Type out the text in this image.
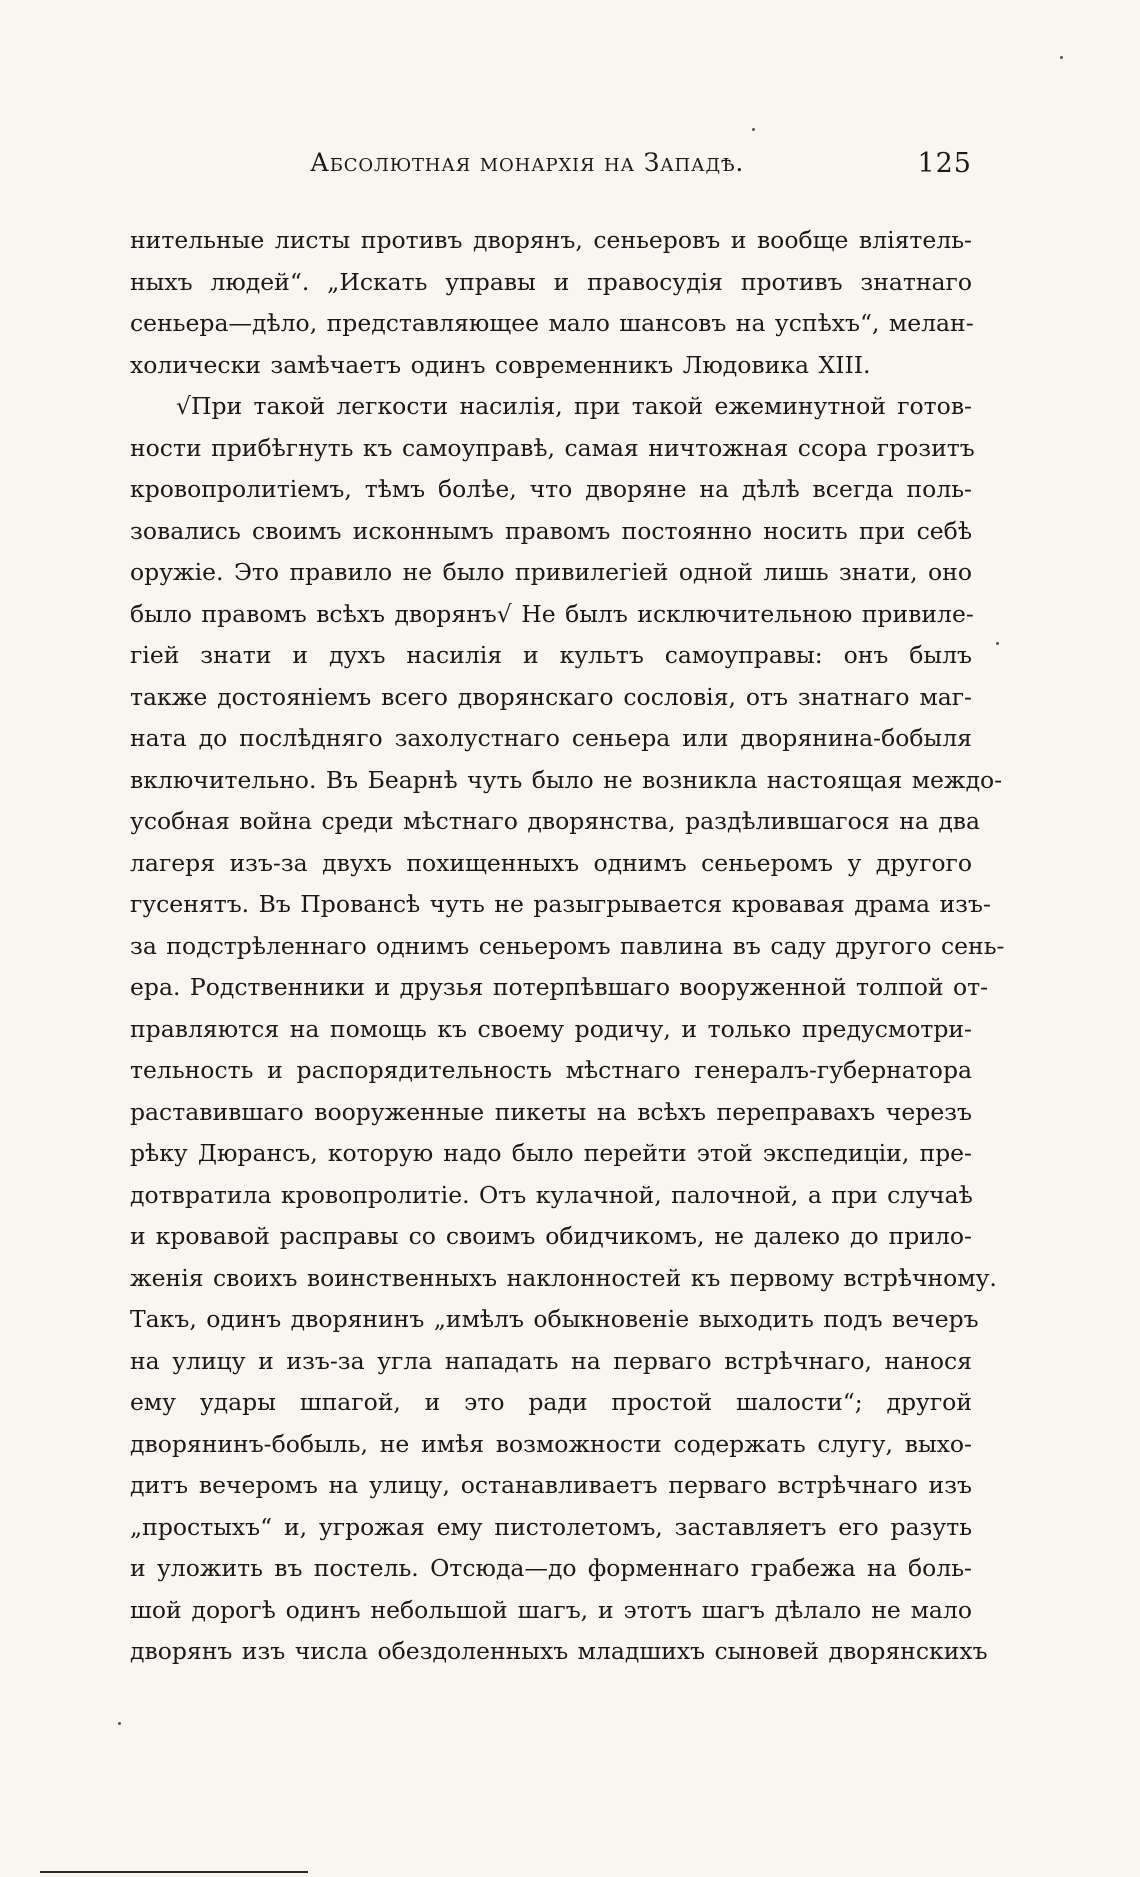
Абсолютная монархія на Западѣ.	125
нительные листы противъ дворянъ, сеньеровъ и вообще вліятель-
ныхъ людей“. „Искать управы и правосудія противъ знатнаго
сеньера—дѣло, представляющее мало шансовъ на успѣхъ“, мелан-
холически замѣчаетъ одинъ современникъ Людовика XIII.
√При такой легкости насилія, при такой ежеминутной готов-
ности прибѣгнуть къ самоуправѣ, самая ничтожная ссора грозитъ
кровопролитіемъ, тѣмъ болѣе, что дворяне на дѣлѣ всегда поль-
зовались своимъ исконнымъ правомъ постоянно носить при себѣ
оружіе. Это правило не было привилегіей одной лишь знати, оно
было правомъ всѣхъ дворянъ√ Не былъ исключительною привиле-
гіей знати и духъ насилія и культъ самоуправы: онъ былъ
также достояніемъ всего дворянскаго сословія, отъ знатнаго маг-
ната до послѣдняго захолустнаго сеньера или дворянина-бобыля
включительно. Въ Беарнѣ чуть было не возникла настоящая междо-
усобная война среди мѣстнаго дворянства, раздѣлившагося на два
лагеря изъ-за двухъ похищенныхъ однимъ сеньеромъ у другого
гусенятъ. Въ Провансѣ чуть не разыгрывается кровавая драма изъ-
за подстрѣленнаго однимъ сеньеромъ павлина въ саду другого сень-
ера. Родственники и друзья потерпѣвшаго вооруженной толпой от-
правляются на помощь къ своему родичу, и только предусмотри-
тельность и распорядительность мѣстнаго генералъ-губернатора
раставившаго вооруженные пикеты на всѣхъ переправахъ черезъ
рѣку Дюрансъ, которую надо было перейти этой экспедиціи, пре-
дотвратила кровопролитіе. Отъ кулачной, палочной, а при случаѣ
и кровавой расправы со своимъ обидчикомъ, не далеко до прило-
женія своихъ воинственныхъ наклонностей къ первому встрѣчному.
Такъ, одинъ дворянинъ „имѣлъ обыкновеніе выходить подъ вечеръ
на улицу и изъ-за угла нападать на перваго встрѣчнаго, нанося
ему удары шпагой, и это ради простой шалости“; другой
дворянинъ-бобыль, не имѣя возможности содержать слугу, выхо-
дитъ вечеромъ на улицу, останавливаетъ перваго встрѣчнаго изъ
„простыхъ“ и, угрожая ему пистолетомъ, заставляетъ его разуть
и уложить въ постель. Отсюда—до форменнаго грабежа на боль-
шой дорогѣ одинъ небольшой шагъ, и этотъ шагъ дѣлало не мало
дворянъ изъ числа обездоленныхъ младшихъ сыновей дворянскихъ
